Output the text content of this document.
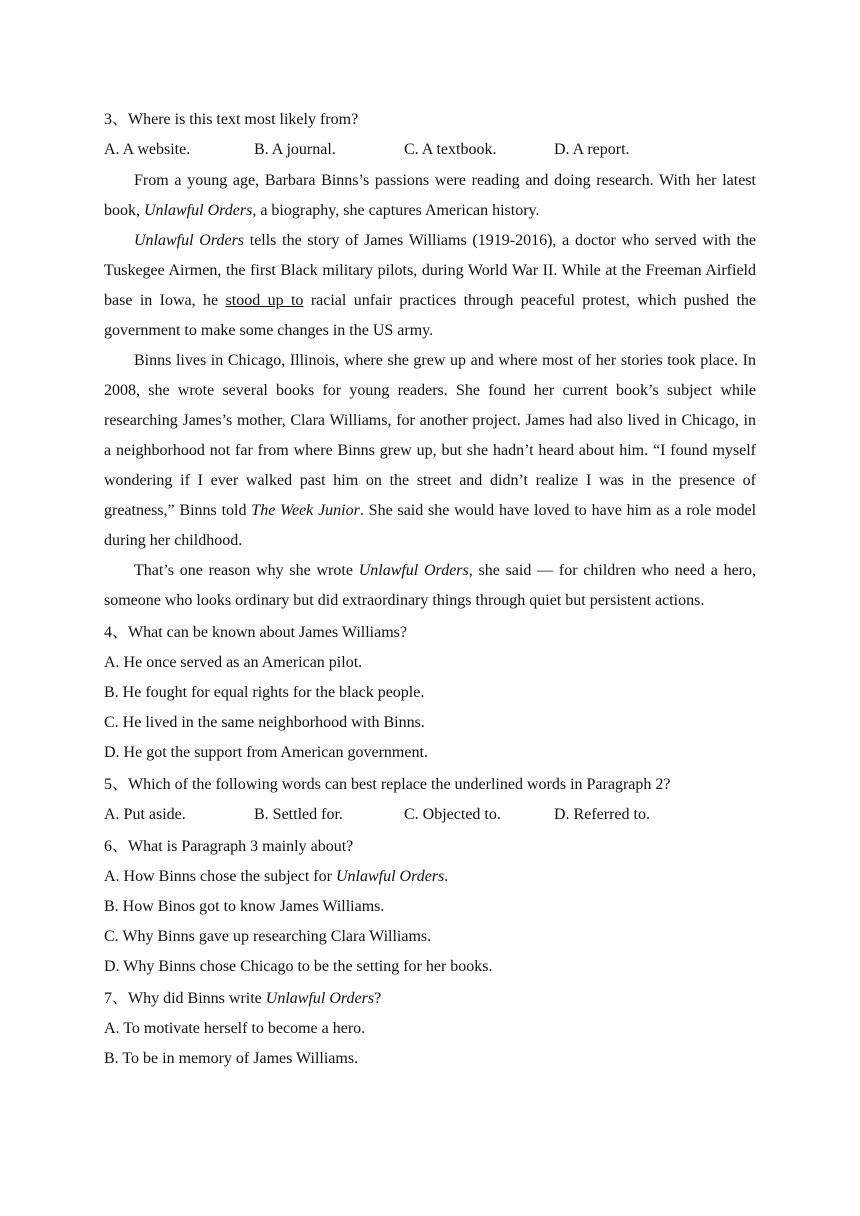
3、Where is this text most likely from?
A. A website.	B. A journal.	C. A textbook.	D. A report.

From a young age, Barbara Binns’s passions were reading and doing research. With her latest book, Unlawful Orders, a biography, she captures American history.

Unlawful Orders tells the story of James Williams (1919-2016), a doctor who served with the Tuskegee Airmen, the first Black military pilots, during World War II. While at the Freeman Airfield base in Iowa, he stood up to racial unfair practices through peaceful protest, which pushed the government to make some changes in the US army.

Binns lives in Chicago, Illinois, where she grew up and where most of her stories took place. In 2008, she wrote several books for young readers. She found her current book’s subject while researching James’s mother, Clara Williams, for another project. James had also lived in Chicago, in a neighborhood not far from where Binns grew up, but she hadn’t heard about him. “I found myself wondering if I ever walked past him on the street and didn’t realize I was in the presence of greatness,” Binns told The Week Junior. She said she would have loved to have him as a role model during her childhood.

That’s one reason why she wrote Unlawful Orders, she said — for children who need a hero, someone who looks ordinary but did extraordinary things through quiet but persistent actions.

4、What can be known about James Williams?
A. He once served as an American pilot.
B. He fought for equal rights for the black people.
C. He lived in the same neighborhood with Binns.
D. He got the support from American government.
5、Which of the following words can best replace the underlined words in Paragraph 2?
A. Put aside.	B. Settled for.	C. Objected to.	D. Referred to.
6、What is Paragraph 3 mainly about?
A. How Binns chose the subject for Unlawful Orders.
B. How Binos got to know James Williams.
C. Why Binns gave up researching Clara Williams.
D. Why Binns chose Chicago to be the setting for her books.
7、Why did Binns write Unlawful Orders?
A. To motivate herself to become a hero.
B. To be in memory of James Williams.
